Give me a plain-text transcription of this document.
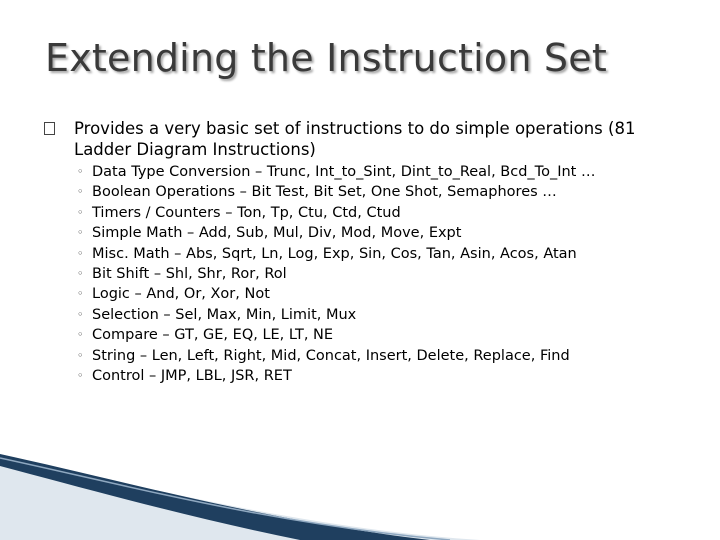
Extending the Instruction Set
Provides a very basic set of instructions to do simple operations (81 Ladder Diagram Instructions)
◦ Data Type Conversion – Trunc, Int_to_Sint, Dint_to_Real, Bcd_To_Int …
◦ Boolean Operations – Bit Test, Bit Set, One Shot, Semaphores …
◦ Timers / Counters – Ton, Tp, Ctu, Ctd, Ctud
◦ Simple Math – Add, Sub, Mul, Div, Mod, Move, Expt
◦ Misc. Math – Abs, Sqrt, Ln, Log, Exp, Sin, Cos, Tan, Asin, Acos, Atan
◦ Bit Shift – Shl, Shr, Ror, Rol
◦ Logic – And, Or, Xor, Not
◦ Selection – Sel, Max, Min, Limit, Mux
◦ Compare – GT, GE, EQ, LE, LT, NE
◦ String – Len, Left, Right, Mid, Concat, Insert, Delete, Replace, Find
◦ Control – JMP, LBL, JSR, RET
